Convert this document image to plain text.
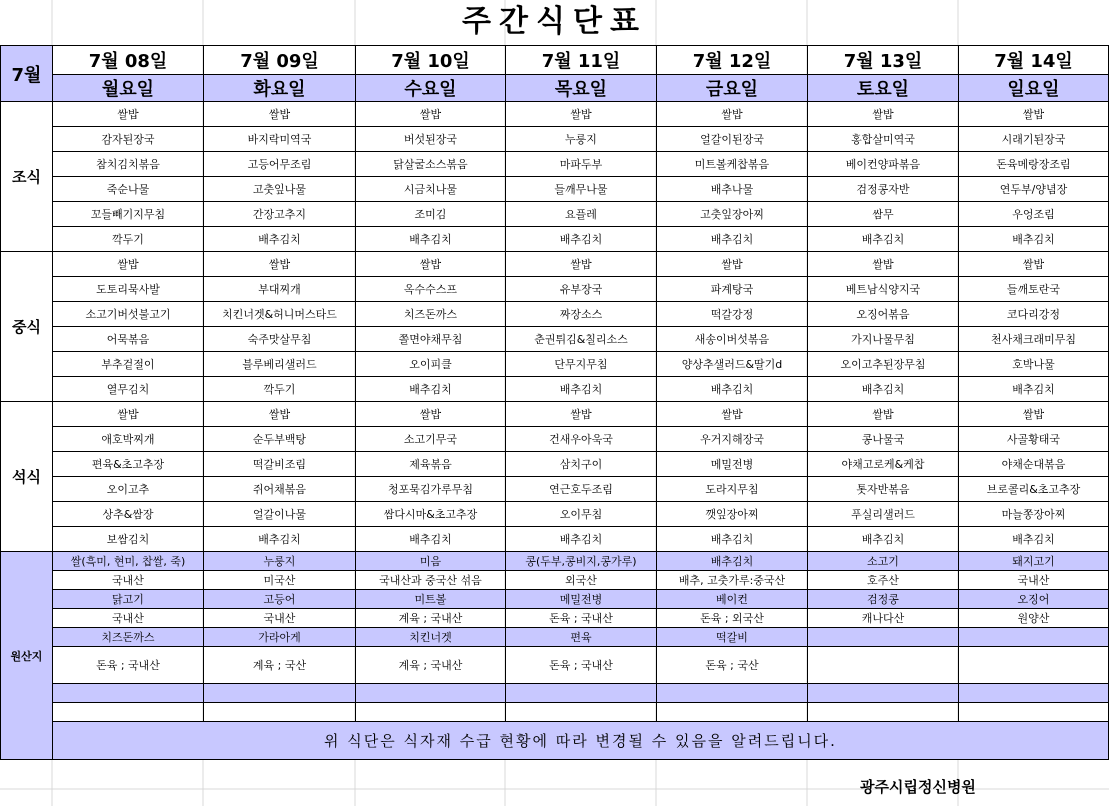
주간식단표
7월	7월 08일	7월 09일	7월 10일	7월 11일	7월 12일	7월 13일	7월 14일
	월요일	화요일	수요일	목요일	금요일	토요일	일요일
조식	쌀밥	쌀밥	쌀밥	쌀밥	쌀밥	쌀밥	쌀밥
	감자된장국	바지락미역국	버섯된장국	누룽지	얼갈이된장국	홍합살미역국	시래기된장국
	참치김치볶음	고등어무조림	닭살굴소스볶음	마파두부	미트볼케찹볶음	베이컨양파볶음	돈육메랑장조림
	죽순나물	고춧잎나물	시금치나물	들깨무나물	배추나물	검정콩자반	연두부/양념장
	꼬들빼기지무침	간장고추지	조미김	요플레	고춧잎장아찌	쌈무	우엉조림
	깍두기	배추김치	배추김치	배추김치	배추김치	배추김치	배추김치
중식	쌀밥	쌀밥	쌀밥	쌀밥	쌀밥	쌀밥	쌀밥
	도토리묵사발	부대찌개	옥수수스프	유부장국	파계탕국	베트남식양지국	들깨토란국
	소고기버섯불고기	치킨너겟&허니머스타드	치즈돈까스	짜장소스	떡갈강정	오징어볶음	코다리강정
	어묵볶음	숙주맛살무침	쫄면야채무침	춘권튀김&칠리소스	새송이버섯볶음	가지나물무침	천사채크래미무침
	부추겉절이	블루베리샐러드	오이피클	단무지무침	양상추샐러드&딸기d	오이고추된장무침	호박나물
	열무김치	깍두기	배추김치	배추김치	배추김치	배추김치	배추김치
석식	쌀밥	쌀밥	쌀밥	쌀밥	쌀밥	쌀밥	쌀밥
	애호박찌개	순두부백탕	소고기무국	건새우아욱국	우거지해장국	콩나물국	사골황태국
	편육&초고추장	떡갈비조림	제육볶음	삼치구이	메밀전병	야채고로케&케찹	야채순대볶음
	오이고추	쥐어채볶음	청포묵김가루무침	연근호두조림	도라지무침	톳자반볶음	브로콜리&초고추장
	상추&쌈장	얼갈이나물	쌈다시마&초고추장	오이무침	깻잎장아찌	푸실리샐러드	마늘쫑장아찌
	보쌈김치	배추김치	배추김치	배추김치	배추김치	배추김치	배추김치
원산지	쌀(흑미, 현미, 찹쌀, 죽)	누룽지	미음	콩(두부,콩비지,콩가루)	배추김치	소고기	돼지고기
	국내산	미국산	국내산과 중국산 섞음	외국산	배추, 고춧가루:중국산	호주산	국내산
	닭고기	고등어	미트볼	메밀전병	베이컨	검정콩	오징어
	국내산	국내산	계육 ; 국내산	돈육 ; 국내산	돈육 ; 외국산	캐나다산	원양산
	치즈돈까스	가라아게	치킨너겟	편육	떡갈비		
	돈육 ; 국내산	계육 ; 국산	계육 ; 국내산	돈육 ; 국내산	돈육 ; 국산		

	위 식단은 식자재 수급 현황에 따라 변경될 수 있음을 알려드립니다.						
광주시립정신병원
